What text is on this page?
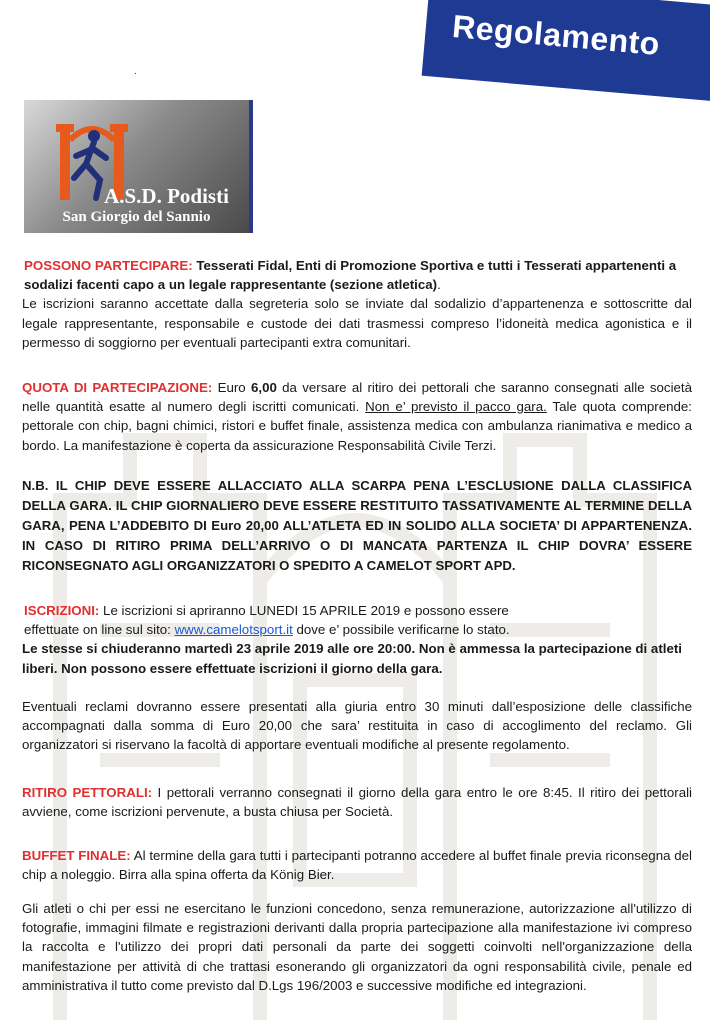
Regolamento
.
A.S.D. Podisti
San Giorgio del Sannio
POSSONO PARTECIPARE: Tesserati Fidal, Enti di Promozione Sportiva e tutti i Tesserati appartenenti a sodalizi facenti capo a un legale rappresentante (sezione atletica).
Le iscrizioni saranno accettate dalla segreteria solo se inviate dal sodalizio d’appartenenza e sottoscritte dal legale rappresentante, responsabile e custode dei dati trasmessi compreso l’idoneità medica agonistica e il permesso di soggiorno per eventuali partecipanti extra comunitari.
QUOTA DI PARTECIPAZIONE: Euro 6,00 da versare al ritiro dei pettorali che saranno consegnati alle società nelle quantità esatte al numero degli iscritti comunicati. Non e’ previsto il pacco gara. Tale quota comprende: pettorale con chip, bagni chimici, ristori e buffet finale, assistenza medica con ambulanza rianimativa e medico a bordo. La manifestazione è coperta da assicurazione Responsabilità Civile Terzi.
N.B. IL CHIP DEVE ESSERE ALLACCIATO ALLA SCARPA PENA L’ESCLUSIONE DALLA CLASSIFICA DELLA GARA. IL CHIP GIORNALIERO DEVE ESSERE RESTITUITO TASSATIVAMENTE AL TERMINE DELLA GARA, PENA L’ADDEBITO DI Euro 20,00 ALL’ATLETA ED IN SOLIDO ALLA SOCIETA’ DI APPARTENENZA. IN CASO DI RITIRO PRIMA DELL’ARRIVO O DI MANCATA PARTENZA IL CHIP DOVRA’ ESSERE RICONSEGNATO AGLI ORGANIZZATORI O SPEDITO A CAMELOT SPORT APD.
ISCRIZIONI: Le iscrizioni si apriranno LUNEDI 15 APRILE 2019 e possono essere
effettuate on line sul sito: www.camelotsport.it dove e’ possibile verificarne lo stato.
Le stesse si chiuderanno martedì 23 aprile 2019 alle ore 20:00. Non è ammessa la partecipazione di atleti liberi. Non possono essere effettuate iscrizioni il giorno della gara.
Eventuali reclami dovranno essere presentati alla giuria entro 30 minuti dall’esposizione delle classifiche accompagnati dalla somma di Euro 20,00 che sara’ restituita in caso di accoglimento del reclamo. Gli organizzatori si riservano la facoltà di apportare eventuali modifiche al presente regolamento.
RITIRO PETTORALI: I pettorali verranno consegnati il giorno della gara entro le ore 8:45. Il ritiro dei pettorali avviene, come iscrizioni pervenute, a busta chiusa per Società.
BUFFET FINALE: Al termine della gara tutti i partecipanti potranno accedere al buffet finale previa riconsegna del chip a noleggio. Birra alla spina offerta da König Bier.
Gli atleti o chi per essi ne esercitano le funzioni concedono, senza remunerazione, autorizzazione all'utilizzo di fotografie, immagini filmate e registrazioni derivanti dalla propria partecipazione alla manifestazione ivi compreso la raccolta e l'utilizzo dei propri dati personali da parte dei soggetti coinvolti nell'organizzazione della manifestazione per attività di che trattasi esonerando gli organizzatori da ogni responsabilità civile, penale ed amministrativa il tutto come previsto dal D.Lgs 196/2003 e successive modifiche ed integrazioni.
